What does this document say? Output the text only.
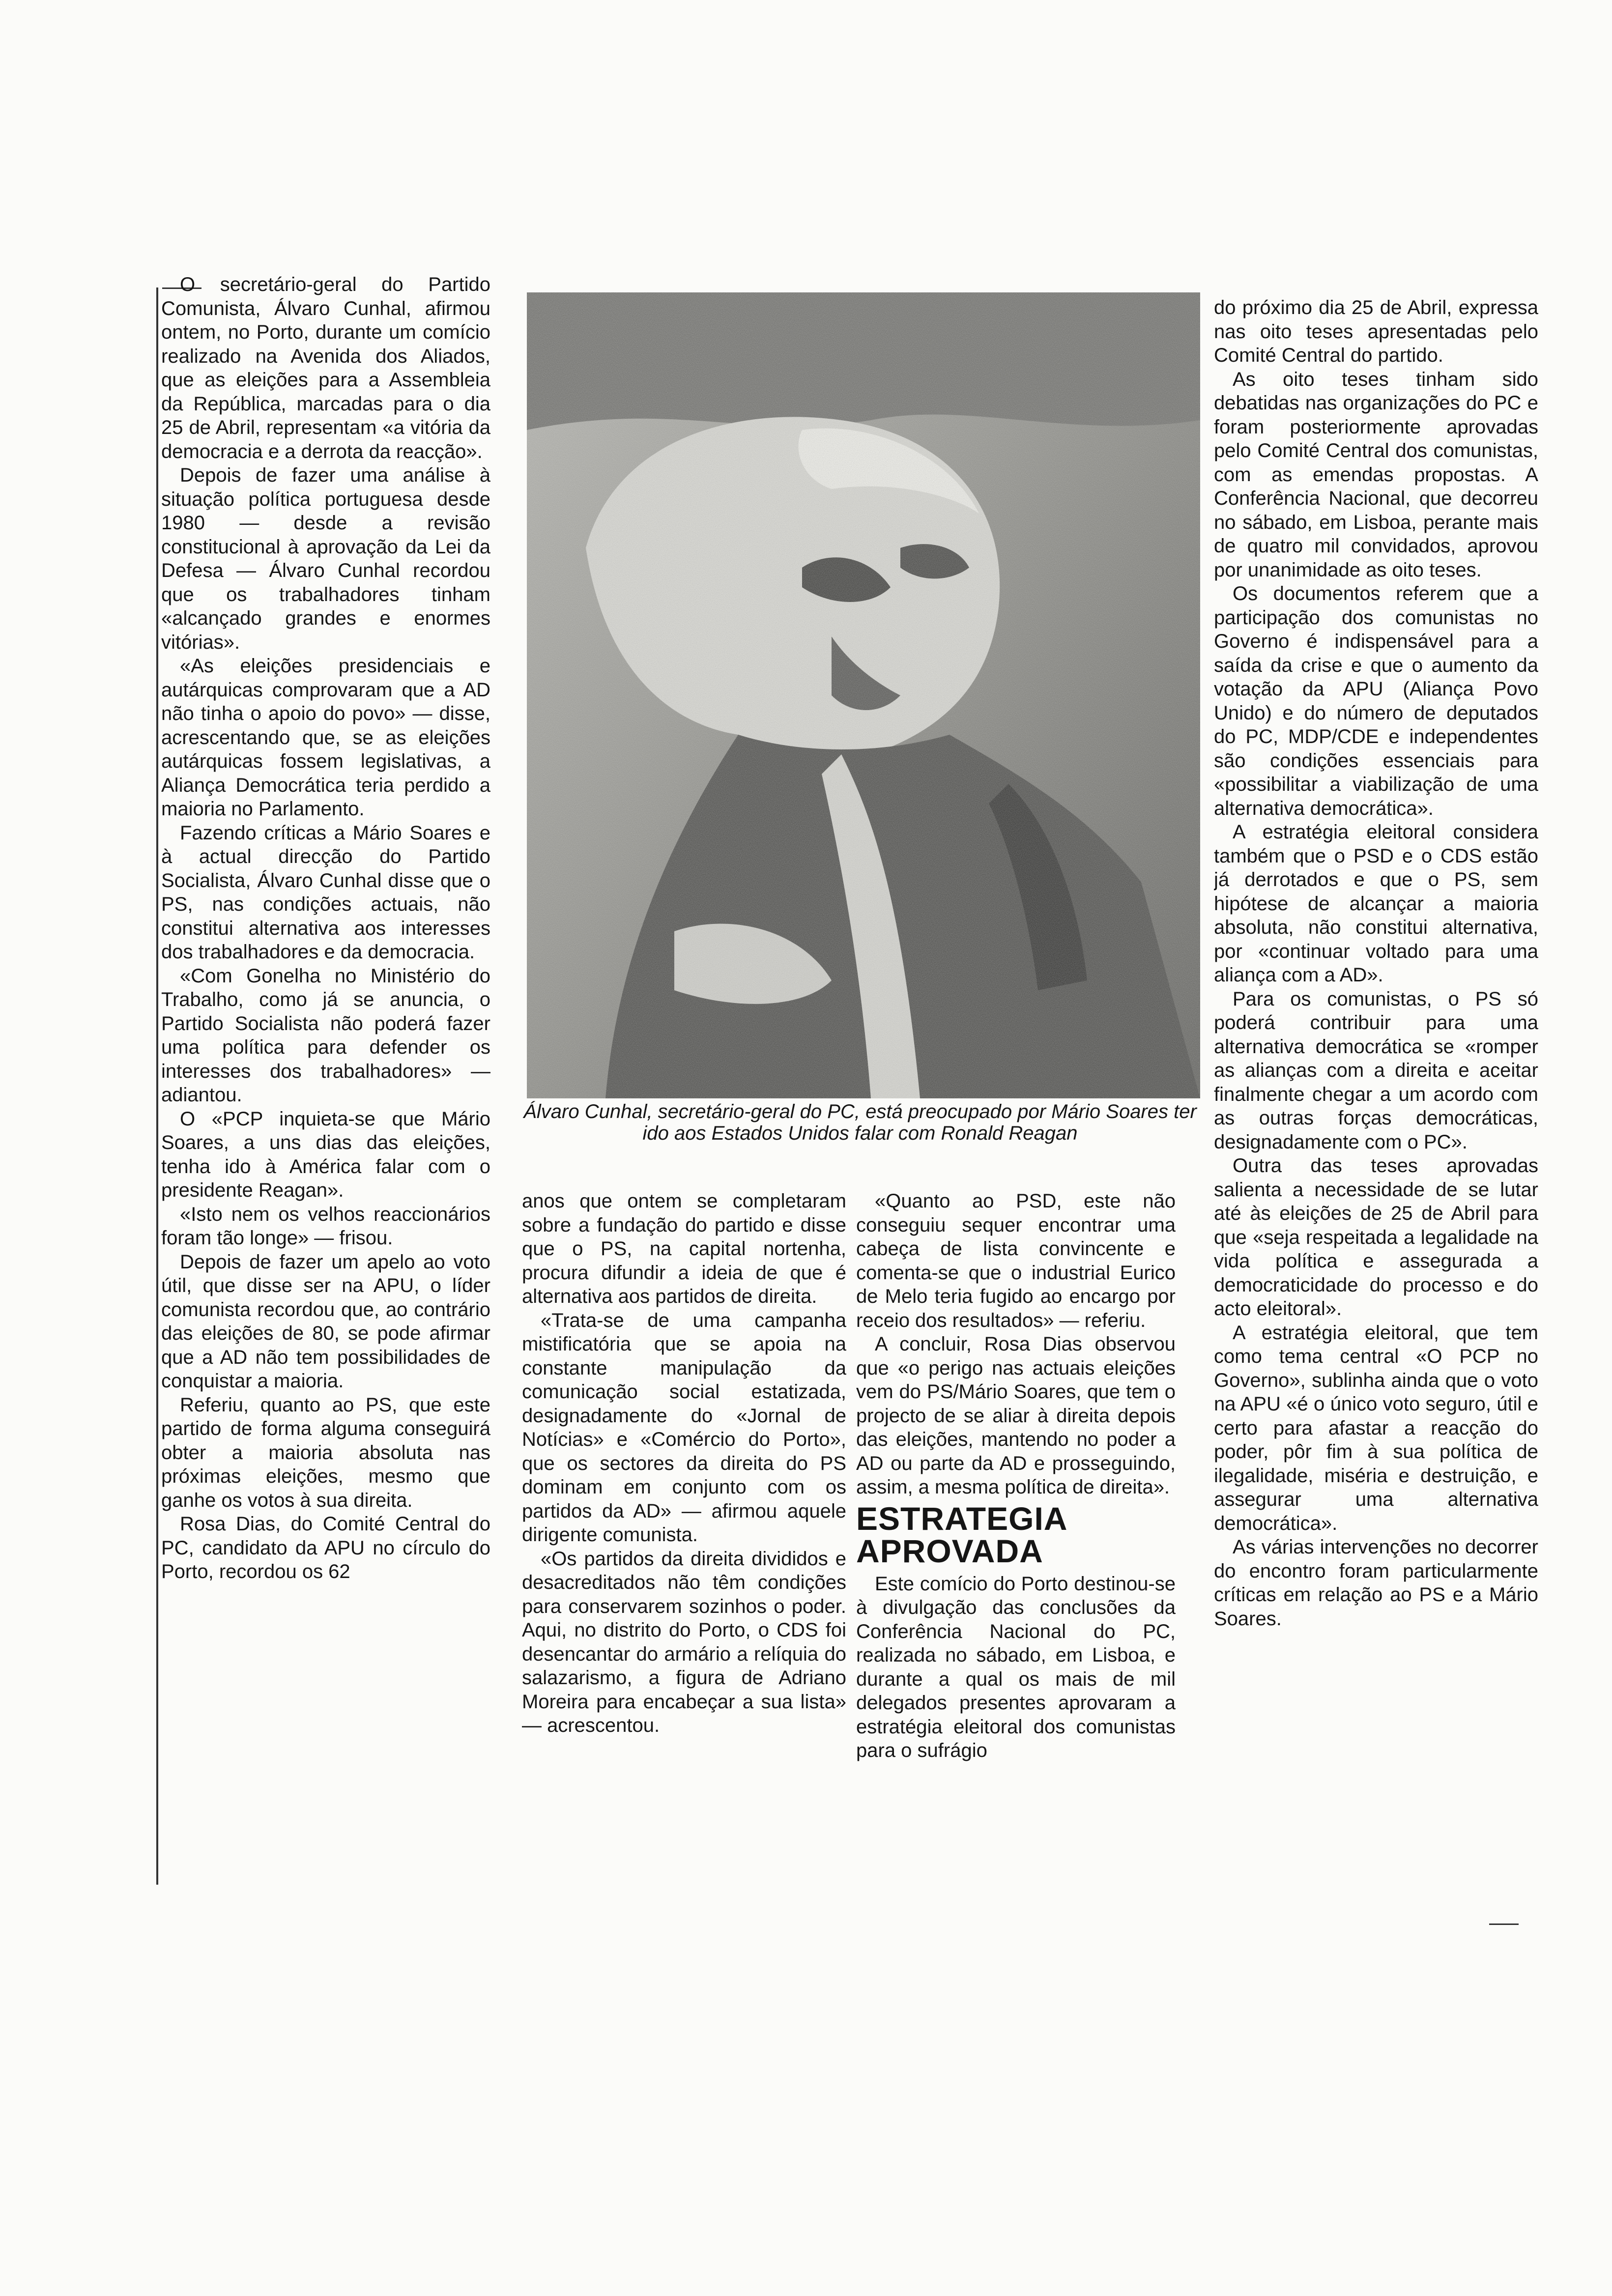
O secretário-geral do Partido Comunista, Álvaro Cunhal, afirmou ontem, no Porto, durante um comício realizado na Avenida dos Aliados, que as eleições para a Assembleia da República, marcadas para o dia 25 de Abril, representam «a vitória da democracia e a derrota da reacção».

Depois de fazer uma análise à situação política portuguesa desde 1980 — desde a revisão constitucional à aprovação da Lei da Defesa — Álvaro Cunhal recordou que os trabalhadores tinham «alcançado grandes e enormes vitórias».

«As eleições presidenciais e autárquicas comprovaram que a AD não tinha o apoio do povo» — disse, acrescentando que, se as eleições autárquicas fossem legislativas, a Aliança Democrática teria perdido a maioria no Parlamento.

Fazendo críticas a Mário Soares e à actual direcção do Partido Socialista, Álvaro Cunhal disse que o PS, nas condições actuais, não constitui alternativa aos interesses dos trabalhadores e da democracia.

«Com Gonelha no Ministério do Trabalho, como já se anuncia, o Partido Socialista não poderá fazer uma política para defender os interesses dos trabalhadores» — adiantou.

O «PCP inquieta-se que Mário Soares, a uns dias das eleições, tenha ido à América falar com o presidente Reagan».

«Isto nem os velhos reaccionários foram tão longe» — frisou.

Depois de fazer um apelo ao voto útil, que disse ser na APU, o líder comunista recordou que, ao contrário das eleições de 80, se pode afirmar que a AD não tem possibilidades de conquistar a maioria.

Referiu, quanto ao PS, que este partido de forma alguma conseguirá obter a maioria absoluta nas próximas eleições, mesmo que ganhe os votos à sua direita.

Rosa Dias, do Comité Central do PC, candidato da APU no círculo do Porto, recordou os 62

Álvaro Cunhal, secretário-geral do PC, está preocupado por Mário Soares ter ido aos Estados Unidos falar com Ronald Reagan

anos que ontem se completaram sobre a fundação do partido e disse que o PS, na capital nortenha, procura difundir a ideia de que é alternativa aos partidos de direita.

«Trata-se de uma campanha mistificatória que se apoia na constante manipulação da comunicação social estatizada, designadamente do «Jornal de Notícias» e «Comércio do Porto», que os sectores da direita do PS dominam em conjunto com os partidos da AD» — afirmou aquele dirigente comunista.

«Os partidos da direita divididos e desacreditados não têm condições para conservarem sozinhos o poder. Aqui, no distrito do Porto, o CDS foi desencantar do armário a relíquia do salazarismo, a figura de Adriano Moreira para encabeçar a sua lista» — acrescentou.

«Quanto ao PSD, este não conseguiu sequer encontrar uma cabeça de lista convincente e comenta-se que o industrial Eurico de Melo teria fugido ao encargo por receio dos resultados» — referiu.

A concluir, Rosa Dias observou que «o perigo nas actuais eleições vem do PS/Mário Soares, que tem o projecto de se aliar à direita depois das eleições, mantendo no poder a AD ou parte da AD e prosseguindo, assim, a mesma política de direita».

ESTRATEGIA APROVADA

Este comício do Porto destinou-se à divulgação das conclusões da Conferência Nacional do PC, realizada no sábado, em Lisboa, e durante a qual os mais de mil delegados presentes aprovaram a estratégia eleitoral dos comunistas para o sufrágio

do próximo dia 25 de Abril, expressa nas oito teses apresentadas pelo Comité Central do partido.

As oito teses tinham sido debatidas nas organizações do PC e foram posteriormente aprovadas pelo Comité Central dos comunistas, com as emendas propostas. A Conferência Nacional, que decorreu no sábado, em Lisboa, perante mais de quatro mil convidados, aprovou por unanimidade as oito teses.

Os documentos referem que a participação dos comunistas no Governo é indispensável para a saída da crise e que o aumento da votação da APU (Aliança Povo Unido) e do número de deputados do PC, MDP/CDE e independentes são condições essenciais para «possibilitar a viabilização de uma alternativa democrática».

A estratégia eleitoral considera também que o PSD e o CDS estão já derrotados e que o PS, sem hipótese de alcançar a maioria absoluta, não constitui alternativa, por «continuar voltado para uma aliança com a AD».

Para os comunistas, o PS só poderá contribuir para uma alternativa democrática se «romper as alianças com a direita e aceitar finalmente chegar a um acordo com as outras forças democráticas, designadamente com o PC».

Outra das teses aprovadas salienta a necessidade de se lutar até às eleições de 25 de Abril para que «seja respeitada a legalidade na vida política e assegurada a democraticidade do processo e do acto eleitoral».

A estratégia eleitoral, que tem como tema central «O PCP no Governo», sublinha ainda que o voto na APU «é o único voto seguro, útil e certo para afastar a reacção do poder, pôr fim à sua política de ilegalidade, miséria e destruição, e assegurar uma alternativa democrática».

As várias intervenções no decorrer do encontro foram particularmente críticas em relação ao PS e a Mário Soares.
